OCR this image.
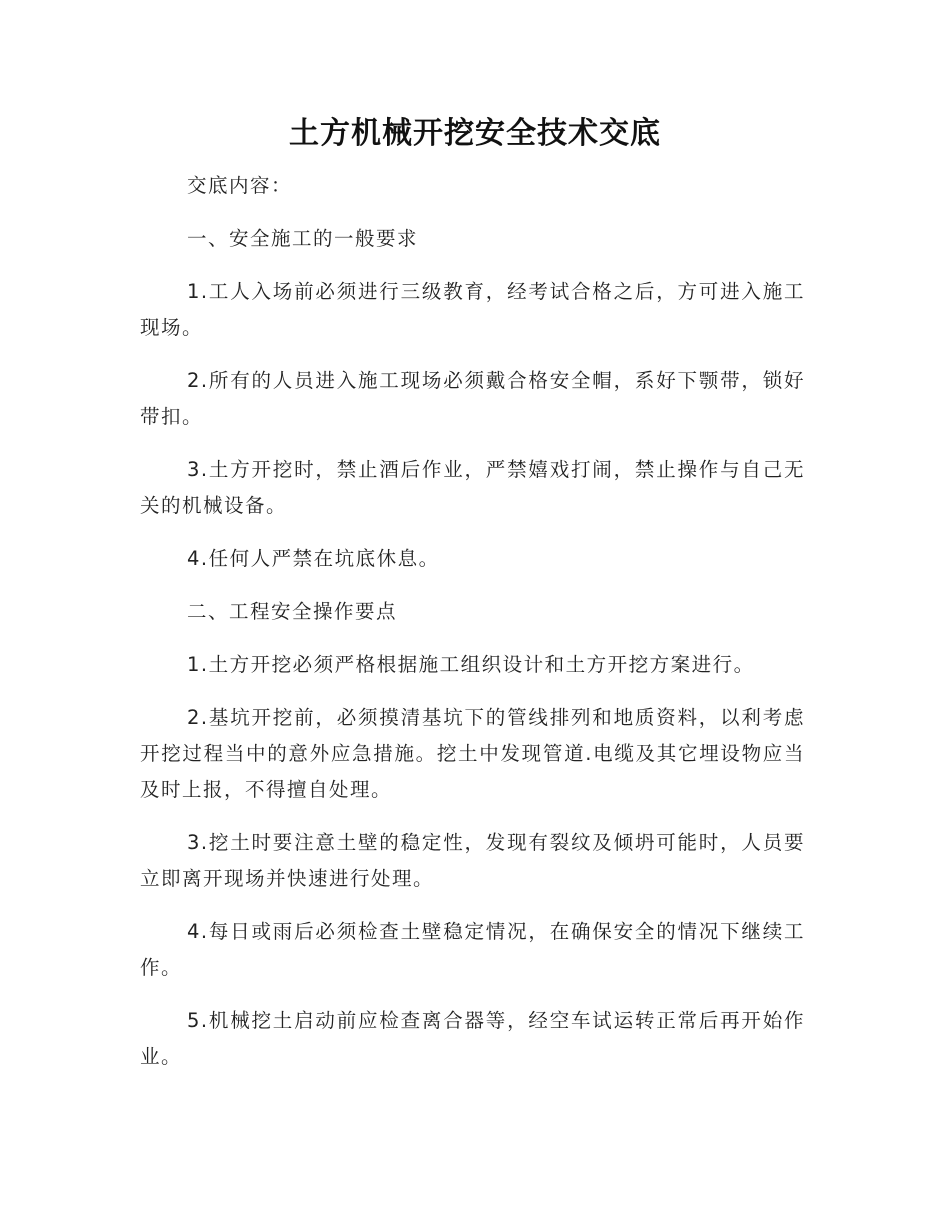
土方机械开挖安全技术交底

交底内容：

一、安全施工的一般要求

1.工人入场前必须进行三级教育，经考试合格之后，方可进入施工现场。

2.所有的人员进入施工现场必须戴合格安全帽，系好下颚带，锁好带扣。

3.土方开挖时，禁止酒后作业，严禁嬉戏打闹，禁止操作与自己无关的机械设备。

4.任何人严禁在坑底休息。

二、工程安全操作要点

1.土方开挖必须严格根据施工组织设计和土方开挖方案进行。

2.基坑开挖前，必须摸清基坑下的管线排列和地质资料，以利考虑开挖过程当中的意外应急措施。挖土中发现管道.电缆及其它埋设物应当及时上报，不得擅自处理。

3.挖土时要注意土壁的稳定性，发现有裂纹及倾坍可能时，人员要立即离开现场并快速进行处理。

4.每日或雨后必须检查土壁稳定情况，在确保安全的情况下继续工作。

5.机械挖土启动前应检查离合器等，经空车试运转正常后再开始作业。
